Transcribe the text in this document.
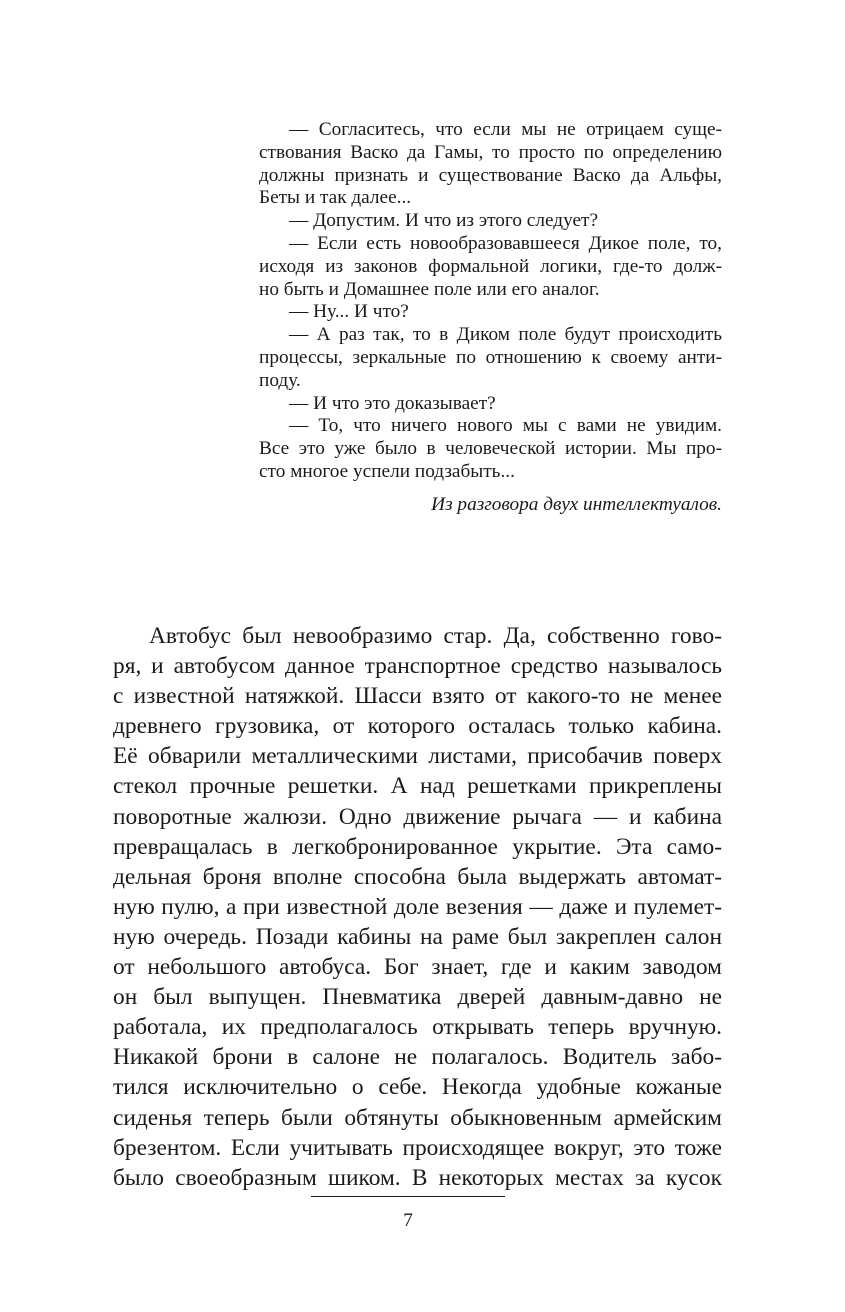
— Согласитесь, что если мы не отрицаем суще-
ствования Васко да Гамы, то просто по определению
должны признать и существование Васко да Альфы,
Беты и так далее...
— Допустим. И что из этого следует?
— Если есть новообразовавшееся Дикое поле, то,
исходя из законов формальной логики, где-то долж-
но быть и Домашнее поле или его аналог.
— Ну... И что?
— А раз так, то в Диком поле будут происходить
процессы, зеркальные по отношению к своему анти-
поду.
— И что это доказывает?
— То, что ничего нового мы с вами не увидим.
Все это уже было в человеческой истории. Мы про-
сто многое успели подзабыть...
Из разговора двух интеллектуалов.
Автобус был невообразимо стар. Да, собственно гово-
ря, и автобусом данное транспортное средство называлось
с известной натяжкой. Шасси взято от какого-то не менее
древнего грузовика, от которого осталась только кабина.
Её обварили металлическими листами, присобачив поверх
стекол прочные решетки. А над решетками прикреплены
поворотные жалюзи. Одно движение рычага — и кабина
превращалась в легкобронированное укрытие. Эта само-
дельная броня вполне способна была выдержать автомат-
ную пулю, а при известной доле везения — даже и пулемет-
ную очередь. Позади кабины на раме был закреплен салон
от небольшого автобуса. Бог знает, где и каким заводом
он был выпущен. Пневматика дверей давным-давно не
работала, их предполагалось открывать теперь вручную.
Никакой брони в салоне не полагалось. Водитель забо-
тился исключительно о себе. Некогда удобные кожаные
сиденья теперь были обтянуты обыкновенным армейским
брезентом. Если учитывать происходящее вокруг, это тоже
было своеобразным шиком. В некоторых местах за кусок
7
